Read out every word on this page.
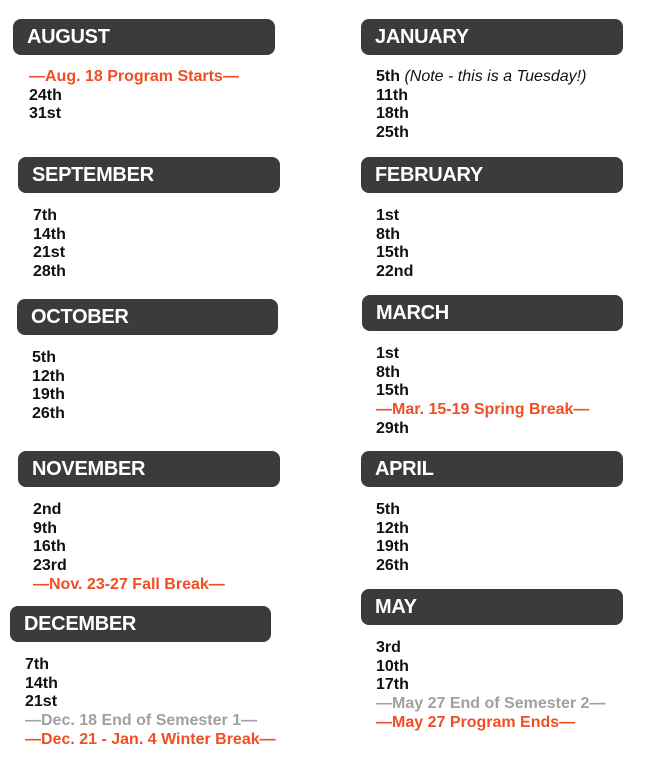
AUGUST
—Aug. 18 Program Starts—
24th
31st
SEPTEMBER
7th
14th
21st
28th
OCTOBER
5th
12th
19th
26th
NOVEMBER
2nd
9th
16th
23rd
—Nov. 23-27 Fall Break—
DECEMBER
7th
14th
21st
—Dec. 18 End of Semester 1—
—Dec. 21 - Jan. 4 Winter Break—
JANUARY
5th (Note - this is a Tuesday!)
11th
18th
25th
FEBRUARY
1st
8th
15th
22nd
MARCH
1st
8th
15th
—Mar. 15-19 Spring Break—
29th
APRIL
5th
12th
19th
26th
MAY
3rd
10th
17th
—May 27 End of Semester 2—
—May 27 Program Ends—
